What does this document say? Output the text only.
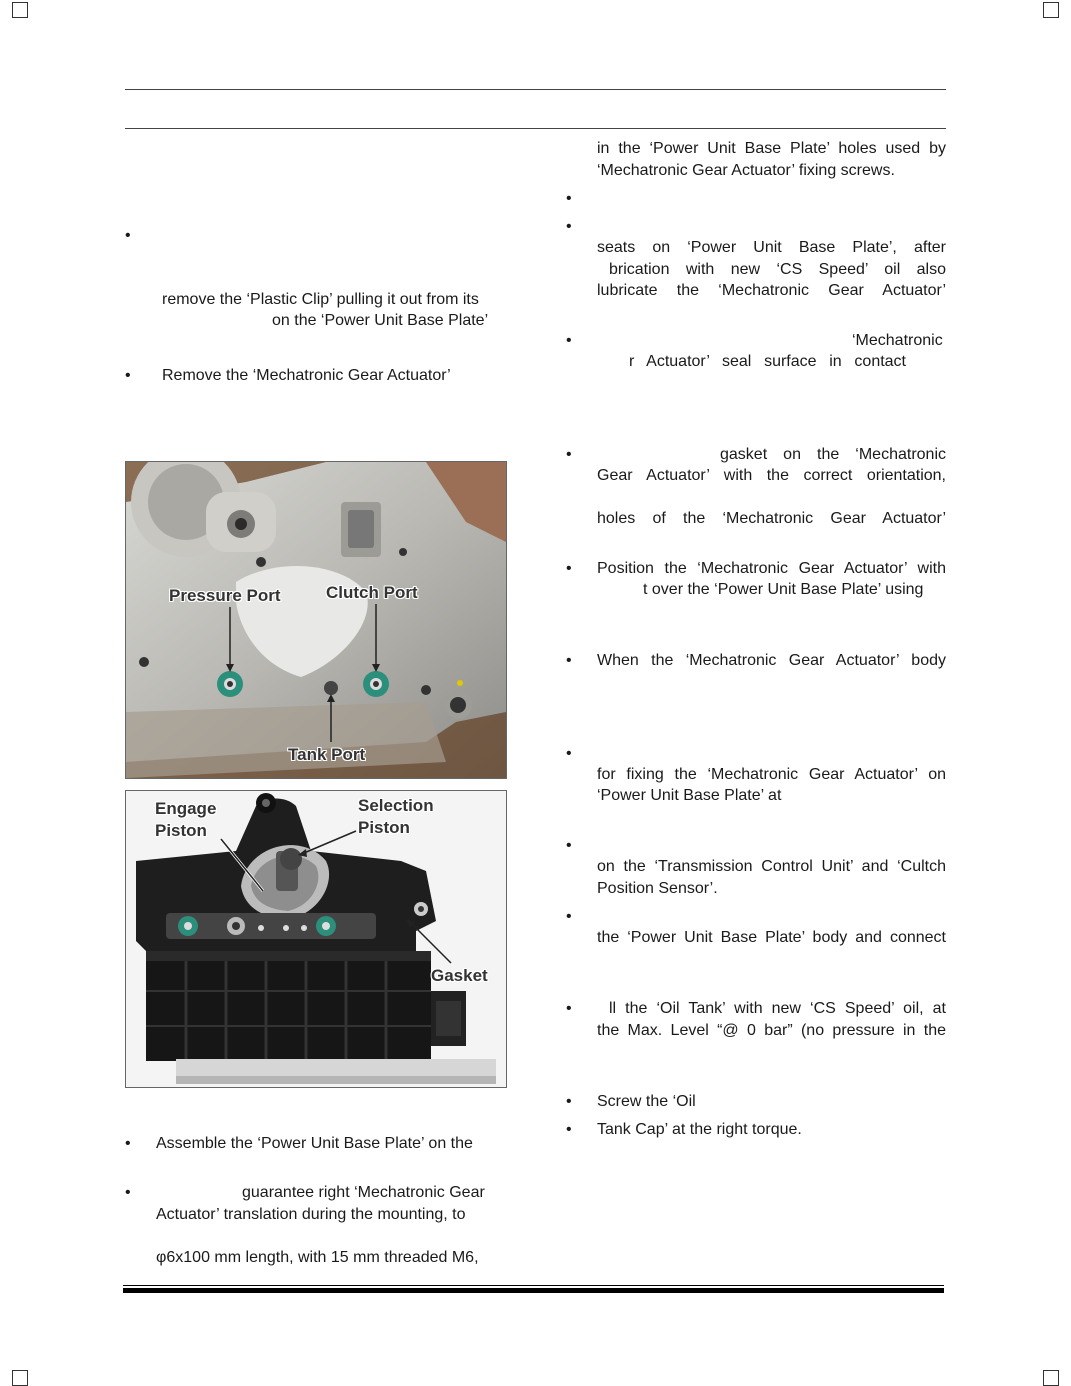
•
remove the ‘Plastic Clip’ pulling it out from its
on the ‘Power Unit Base Plate’
• Remove the ‘Mechatronic Gear Actuator’
Pressure Port	Clutch Port
Tank Port
Engage
Piston
Selection
Piston
Gasket
• Assemble the ‘Power Unit Base Plate’ on the
•	guarantee right ‘Mechatronic Gear
Actuator’ translation during the mounting, to
φ6x100 mm length, with 15 mm threaded M6,
in the ‘Power Unit Base Plate’ holes used by
‘Mechatronic Gear Actuator’ fixing screws.
•
•
seats on ‘Power Unit Base Plate’, after
brication with new ‘CS Speed’ oil also
lubricate the ‘Mechatronic Gear Actuator’
•	‘Mechatronic
r Actuator’ seal surface in contact
•	gasket on the ‘Mechatronic
Gear Actuator’ with the correct orientation,
holes of the ‘Mechatronic Gear Actuator’
• Position the ‘Mechatronic Gear Actuator’ with
t over the ‘Power Unit Base Plate’ using
• When the ‘Mechatronic Gear Actuator’ body
•
for fixing the ‘Mechatronic Gear Actuator’ on
‘Power Unit Base Plate’ at
•
on the ‘Transmission Control Unit’ and ‘Cultch
Position Sensor’.
•
the ‘Power Unit Base Plate’ body and connect
• ll the ‘Oil Tank’ with new ‘CS Speed’ oil, at
the Max. Level “@ 0 bar” (no pressure in the
• Screw the ‘Oil
• Tank Cap’ at the right torque.
